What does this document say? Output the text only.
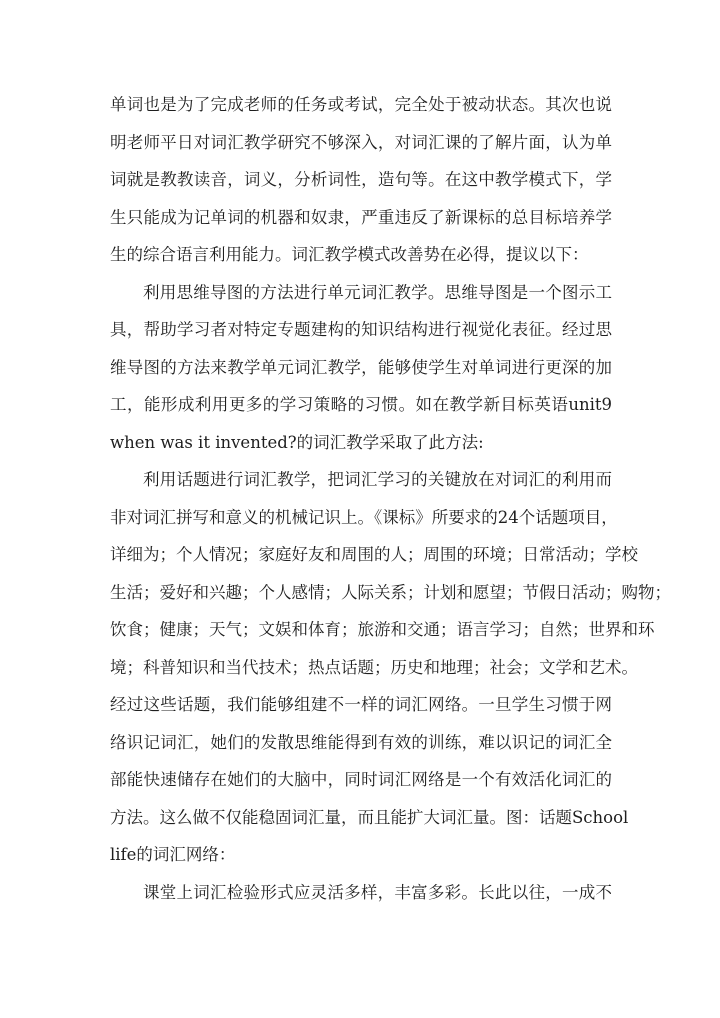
单词也是为了完成老师的任务或考试，完全处于被动状态。其次也说
明老师平日对词汇教学研究不够深入，对词汇课的了解片面，认为单
词就是教教读音，词义，分析词性，造句等。在这中教学模式下，学
生只能成为记单词的机器和奴隶，严重违反了新课标的总目标培养学
生的综合语言利用能力。词汇教学模式改善势在必得，提议以下：
利用思维导图的方法进行单元词汇教学。思维导图是一个图示工
具，帮助学习者对特定专题建构的知识结构进行视觉化表征。经过思
维导图的方法来教学单元词汇教学，能够使学生对单词进行更深的加
工，能形成利用更多的学习策略的习惯。如在教学新目标英语unit9
when was it invented?的词汇教学采取了此方法:
利用话题进行词汇教学，把词汇学习的关键放在对词汇的利用而
非对词汇拼写和意义的机械记识上。《课标》所要求的24个话题项目，
详细为；个人情况；家庭好友和周围的人；周围的环境；日常活动；学校
生活；爱好和兴趣；个人感情；人际关系；计划和愿望；节假日活动；购物；
饮食；健康；天气；文娱和体育；旅游和交通；语言学习；自然；世界和环
境；科普知识和当代技术；热点话题；历史和地理；社会；文学和艺术。
经过这些话题，我们能够组建不一样的词汇网络。一旦学生习惯于网
络识记词汇，她们的发散思维能得到有效的训练，难以识记的词汇全
部能快速储存在她们的大脑中，同时词汇网络是一个有效活化词汇的
方法。这么做不仅能稳固词汇量，而且能扩大词汇量。图：话题School
life的词汇网络：
课堂上词汇检验形式应灵活多样，丰富多彩。长此以往，一成不
